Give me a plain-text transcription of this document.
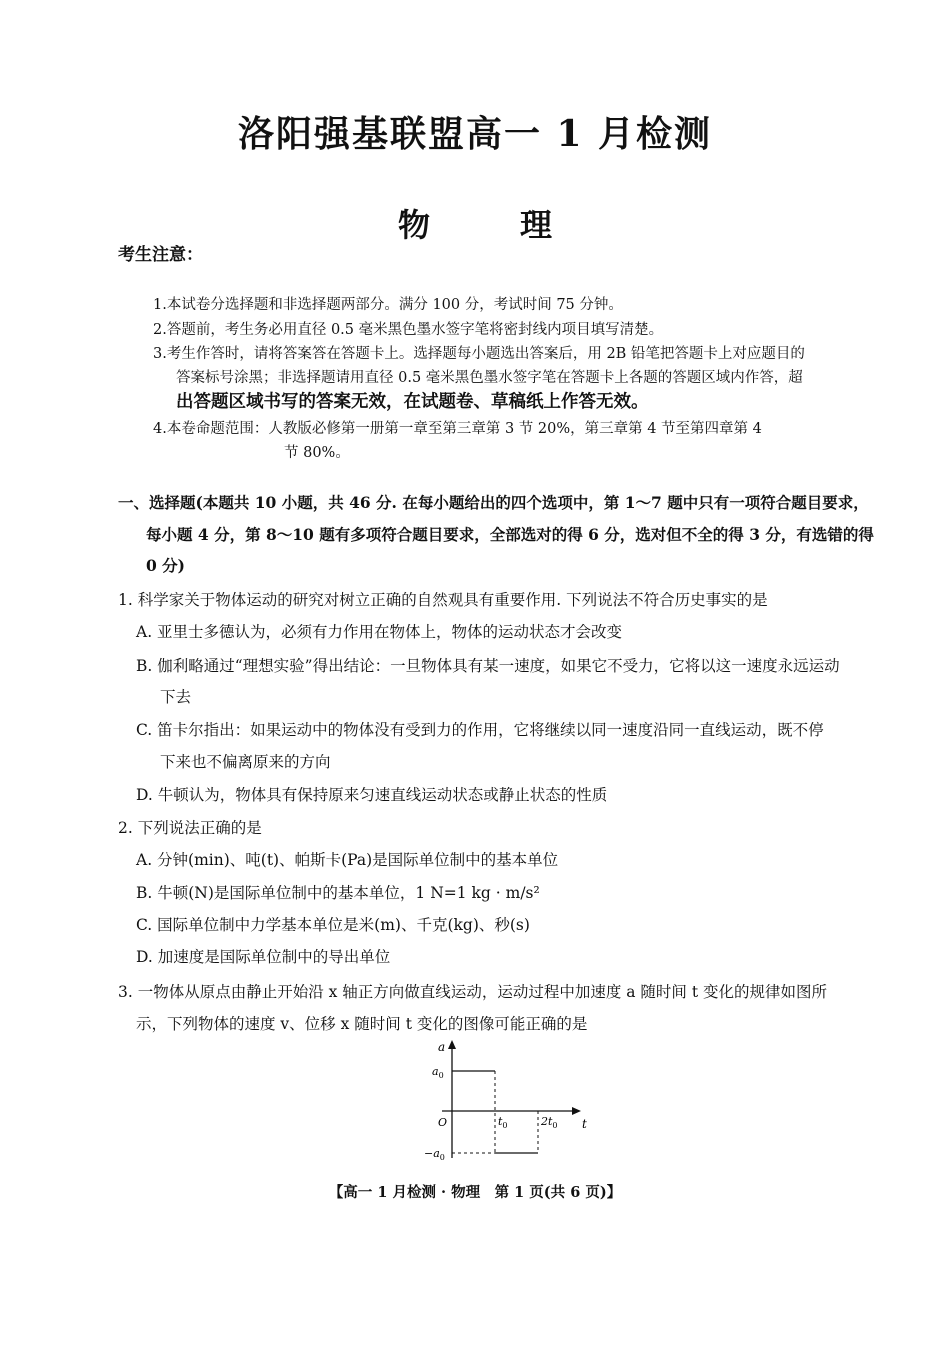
洛阳强基联盟高一 1 月检测
物	理
考生注意：
1.本试卷分选择题和非选择题两部分。满分 100 分，考试时间 75 分钟。
2.答题前，考生务必用直径 0.5 毫米黑色墨水签字笔将密封线内项目填写清楚。
3.考生作答时，请将答案答在答题卡上。选择题每小题选出答案后，用 2B 铅笔把答题卡上对应题目的
答案标号涂黑；非选择题请用直径 0.5 毫米黑色墨水签字笔在答题卡上各题的答题区域内作答，超
出答题区域书写的答案无效，在试题卷、草稿纸上作答无效。
4.本卷命题范围：人教版必修第一册第一章至第三章第 3 节 20%，第三章第 4 节至第四章第 4
节 80%。
一、选择题(本题共 10 小题，共 46 分. 在每小题给出的四个选项中，第 1～7 题中只有一项符合题目要求，
每小题 4 分，第 8～10 题有多项符合题目要求，全部选对的得 6 分，选对但不全的得 3 分，有选错的得
0 分)
1. 科学家关于物体运动的研究对树立正确的自然观具有重要作用. 下列说法不符合历史事实的是
A. 亚里士多德认为，必须有力作用在物体上，物体的运动状态才会改变
B. 伽利略通过“理想实验”得出结论：一旦物体具有某一速度，如果它不受力，它将以这一速度永远运动
下去
C. 笛卡尔指出：如果运动中的物体没有受到力的作用，它将继续以同一速度沿同一直线运动，既不停
下来也不偏离原来的方向
D. 牛顿认为，物体具有保持原来匀速直线运动状态或静止状态的性质
2. 下列说法正确的是
A. 分钟(min)、吨(t)、帕斯卡(Pa)是国际单位制中的基本单位
B. 牛顿(N)是国际单位制中的基本单位，1 N=1 kg · m/s²
C. 国际单位制中力学基本单位是米(m)、千克(kg)、秒(s)
D. 加速度是国际单位制中的导出单位
3. 一物体从原点由静止开始沿 x 轴正方向做直线运动，运动过程中加速度 a 随时间 t 变化的规律如图所
示，下列物体的速度 v、位移 x 随时间 t 变化的图像可能正确的是
a
t
O
$a_0$
$-a_0$
$t_0$	$2t_0$
【高一 1 月检测 · 物理　第 1 页(共 6 页)】
